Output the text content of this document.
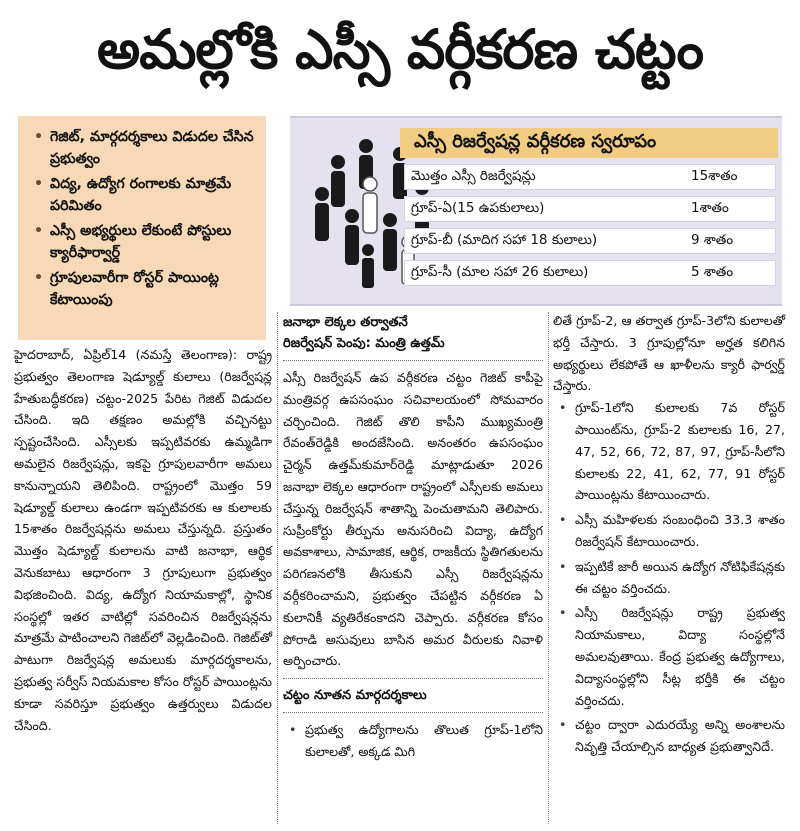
అమల్లోకి ఎస్సీ వర్గీకరణ చట్టం
• గెజిట్‌, మార్గదర్శకాలు విడుదల చేసిన ప్రభుత్వం
• విద్య, ఉద్యోగ రంగాలకు మాత్రమే పరిమితం
• ఎస్సీ అభ్యర్థులు లేకుంటే పోస్టులు క్యారీఫార్వార్డ్‌
• గ్రూపులవారీగా రోస్టర్‌ పాయింట్ల కేటాయింపు
ఎస్సీ రిజర్వేషన్ల వర్గీకరణ స్వరూపం
మొత్తం ఎస్సీ రిజర్వేషన్లు	15శాతం
గ్రూప్‌-ఏ(15 ఉపకులాలు)	1శాతం
గ్రూప్‌-బీ (మాదిగ సహా 18 కులాలు)	9 శాతం
గ్రూప్‌-సీ (మాల సహా 26 కులాలు)	5 శాతం

హైదరాబాద్‌, ఏప్రిల్‌14 (నమస్తే తెలంగాణ): రాష్ట్ర ప్రభుత్వం తెలంగాణ షెడ్యూల్డ్‌ కులాలు (రిజర్వేషన్ల హేతుబద్ధీకరణ) చట్టం-2025 పేరిట గెజిట్‌ విడుదల చేసింది. ఇది తక్షణం అమల్లోకి వచ్చినట్టు స్పష్టంచేసింది. ఎస్సీలకు ఇప్పటివరకు ఉమ్మడిగా అమలైన రిజర్వేషన్లు, ఇకపై గ్రూపులవారీగా అమలు కానున్నాయని తెలిపింది. రాష్ట్రంలో మొత్తం 59 షెడ్యూల్డ్‌ కులాలు ఉండగా ఇప్పటివరకు ఆ కులాలకు 15శాతం రిజర్వేషన్లను అమలు చేస్తున్నది. ప్రస్తుతం మొత్తం షెడ్యూల్డ్‌ కులాలను వాటి జనాభా, ఆర్థిక వెనుకబాటు ఆధారంగా 3 గ్రూపులుగా ప్రభుత్వం విభజించింది. విద్య, ఉద్యోగ నియామకాల్లో, స్థానిక సంస్థల్లో ఇతర వాటిల్లో సవరించిన రిజర్వేషన్లను మాత్రమే పాటించాలని గెజిట్‌లో వెల్లడించింది. గెజిట్‌తో పాటుగా రిజర్వేషన్ల అమలుకు మార్గదర్శకాలను, ప్రభుత్వ సర్వీస్‌ నియమకాల కోసం రోస్టర్‌ పాయింట్లను కూడా సవరిస్తూ ప్రభుత్వం ఉత్తర్వులు విడుదల చేసింది.

జనాభా లెక్కల తర్వాతనే
రిజర్వేషన్‌ పెంపు: మంత్రి ఉత్తమ్‌

ఎస్సీ రిజర్వేషన్‌ ఉప వర్గీకరణ చట్టం గెజిట్‌ కాపీపై మంత్రివర్గ ఉపసంఘం సచివాలయంలో సోమవారం చర్చించింది. గెజిట్‌ తొలి కాపీని ముఖ్యమంత్రి రేవంత్‌రెడ్డికి అందజేసింది. అనంతరం ఉపసంఘం చైర్మన్‌ ఉత్తమ్‌కుమార్‌రెడ్డి మాట్లాడుతూ 2026 జనాభా లెక్కల ఆధారంగా రాష్ట్రంలో ఎస్సీలకు అమలు చేస్తున్న రిజర్వేషన్‌ శాతాన్ని పెంచుతామని తెలిపారు. సుప్రీంకోర్టు తీర్పును అనుసరించి విద్యా, ఉద్యోగ అవకాశాలు, సామాజిక, ఆర్థిక, రాజకీయ స్థితిగతులను పరిగణనలోకి తీసుకుని ఎస్సీ రిజర్వేషన్లను వర్గీకరించామని, ప్రభుత్వం చేపట్టిన వర్గీకరణ ఏ కులానికీ వ్యతిరేకంకాదని చెప్పారు. వర్గీకరణ కోసం పోరాడి అసువులు బాసిన అమర వీరులకు నివాళి అర్పించారు.

చట్టం నూతన మార్గదర్శకాలు
• ప్రభుత్వ ఉద్యోగాలను తొలుత గ్రూప్‌-1లోని కులాలతో, అక్కడ మిగి

లితే గ్రూప్‌-2, ఆ తర్వాత గ్రూప్‌-3లోని కులాలతో భర్తీ చేస్తారు. 3 గ్రూపుల్లోనూ అర్హత కలిగిన అభ్యర్థులు లేకపోతే ఆ ఖాళీలను క్యారీ ఫార్వర్డ్‌ చేస్తారు.

• గ్రూప్‌-1లోని కులాలకు 7వ రోస్టర్‌ పాయింట్‌ను, గ్రూప్‌-2 కులాలకు 16, 27, 47, 52, 66, 72, 87, 97, గ్రూప్‌-సీలోని కులాలకు 22, 41, 62, 77, 91 రోస్టర్‌ పాయింట్లను కేటాయించారు.
• ఎస్సీ మహిళలకు సంబంధించి 33.3 శాతం రిజర్వేషన్‌ కేటాయించారు.
• ఇప్పటికే జారీ అయిన ఉద్యోగ నోటిఫికేషన్లకు ఈ చట్టం వర్తించదు.
• ఎస్సీ రిజర్వేషన్లు రాష్ట్ర ప్రభుత్వ నియామకాలు, విద్యా సంస్థల్లోనే అమలవుతాయి. కేంద్ర ప్రభుత్వ ఉద్యోగాలు, విద్యాసంస్థల్లోని సీట్ల భర్తీకి ఈ చట్టం వర్తించదు.
• చట్టం ద్వారా ఎదురయ్యే అన్ని అంశాలను నివృత్తి చేయాల్సిన బాధ్యత ప్రభుత్వానిదే.
